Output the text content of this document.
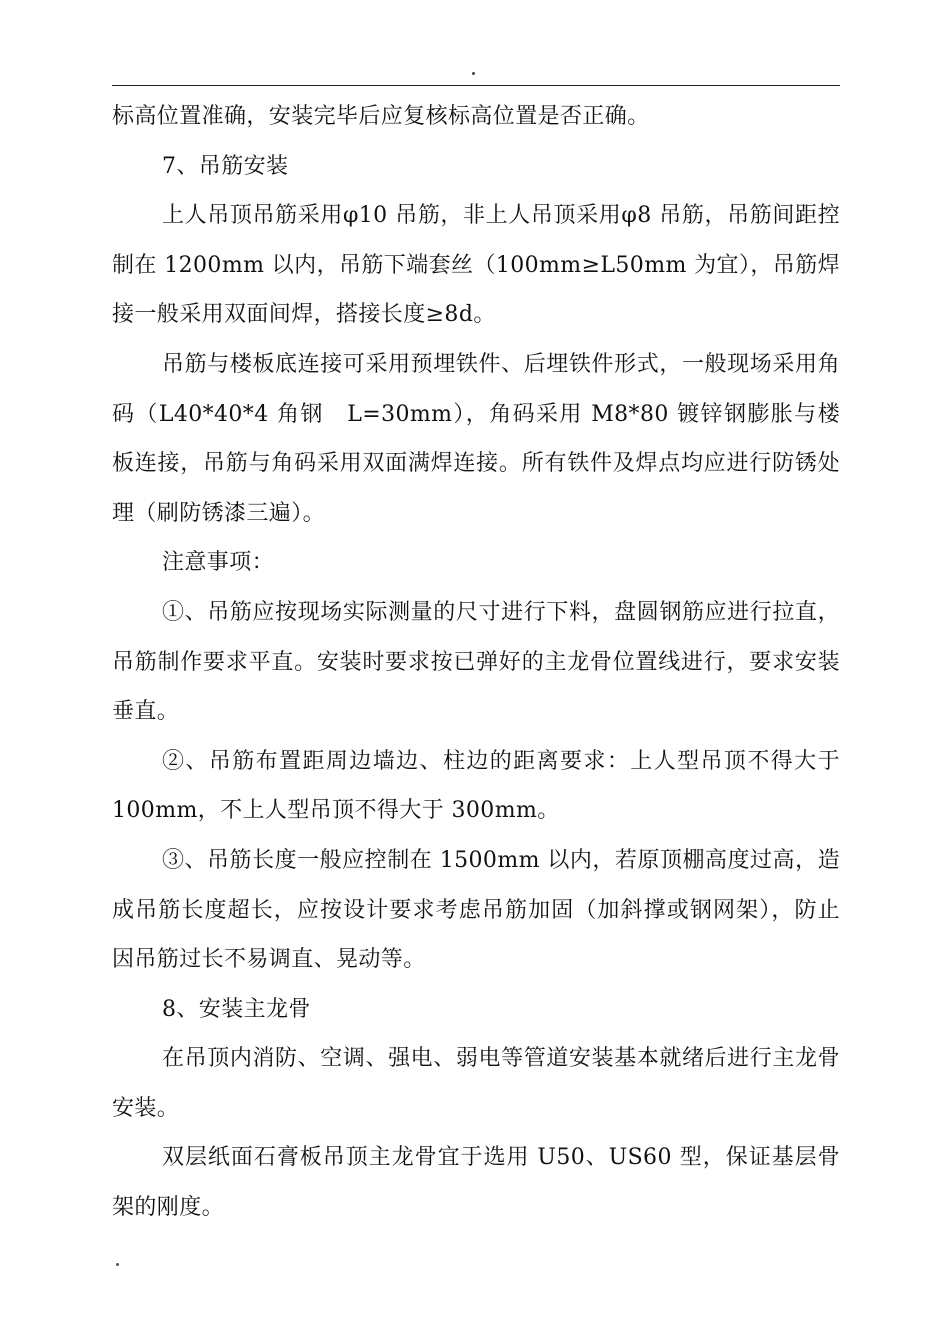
标高位置准确，安装完毕后应复核标高位置是否正确。

7、吊筋安装

上人吊顶吊筋采用φ10 吊筋，非上人吊顶采用φ8 吊筋，吊筋间距控制在 1200mm 以内，吊筋下端套丝（100mm≥L50mm 为宜），吊筋焊接一般采用双面间焊，搭接长度≥8d。

吊筋与楼板底连接可采用预埋铁件、后埋铁件形式，一般现场采用角码（L40*40*4 角钢　L=30mm），角码采用 M8*80 镀锌钢膨胀与楼板连接，吊筋与角码采用双面满焊连接。所有铁件及焊点均应进行防锈处理（刷防锈漆三遍）。

注意事项：

①、吊筋应按现场实际测量的尺寸进行下料，盘圆钢筋应进行拉直，吊筋制作要求平直。安装时要求按已弹好的主龙骨位置线进行，要求安装垂直。

②、吊筋布置距周边墙边、柱边的距离要求：上人型吊顶不得大于 100mm，不上人型吊顶不得大于 300mm。

③、吊筋长度一般应控制在 1500mm 以内，若原顶棚高度过高，造成吊筋长度超长，应按设计要求考虑吊筋加固（加斜撑或钢网架），防止因吊筋过长不易调直、晃动等。

8、安装主龙骨

在吊顶内消防、空调、强电、弱电等管道安装基本就绪后进行主龙骨安装。

双层纸面石膏板吊顶主龙骨宜于选用 U50、US60 型，保证基层骨架的刚度。
